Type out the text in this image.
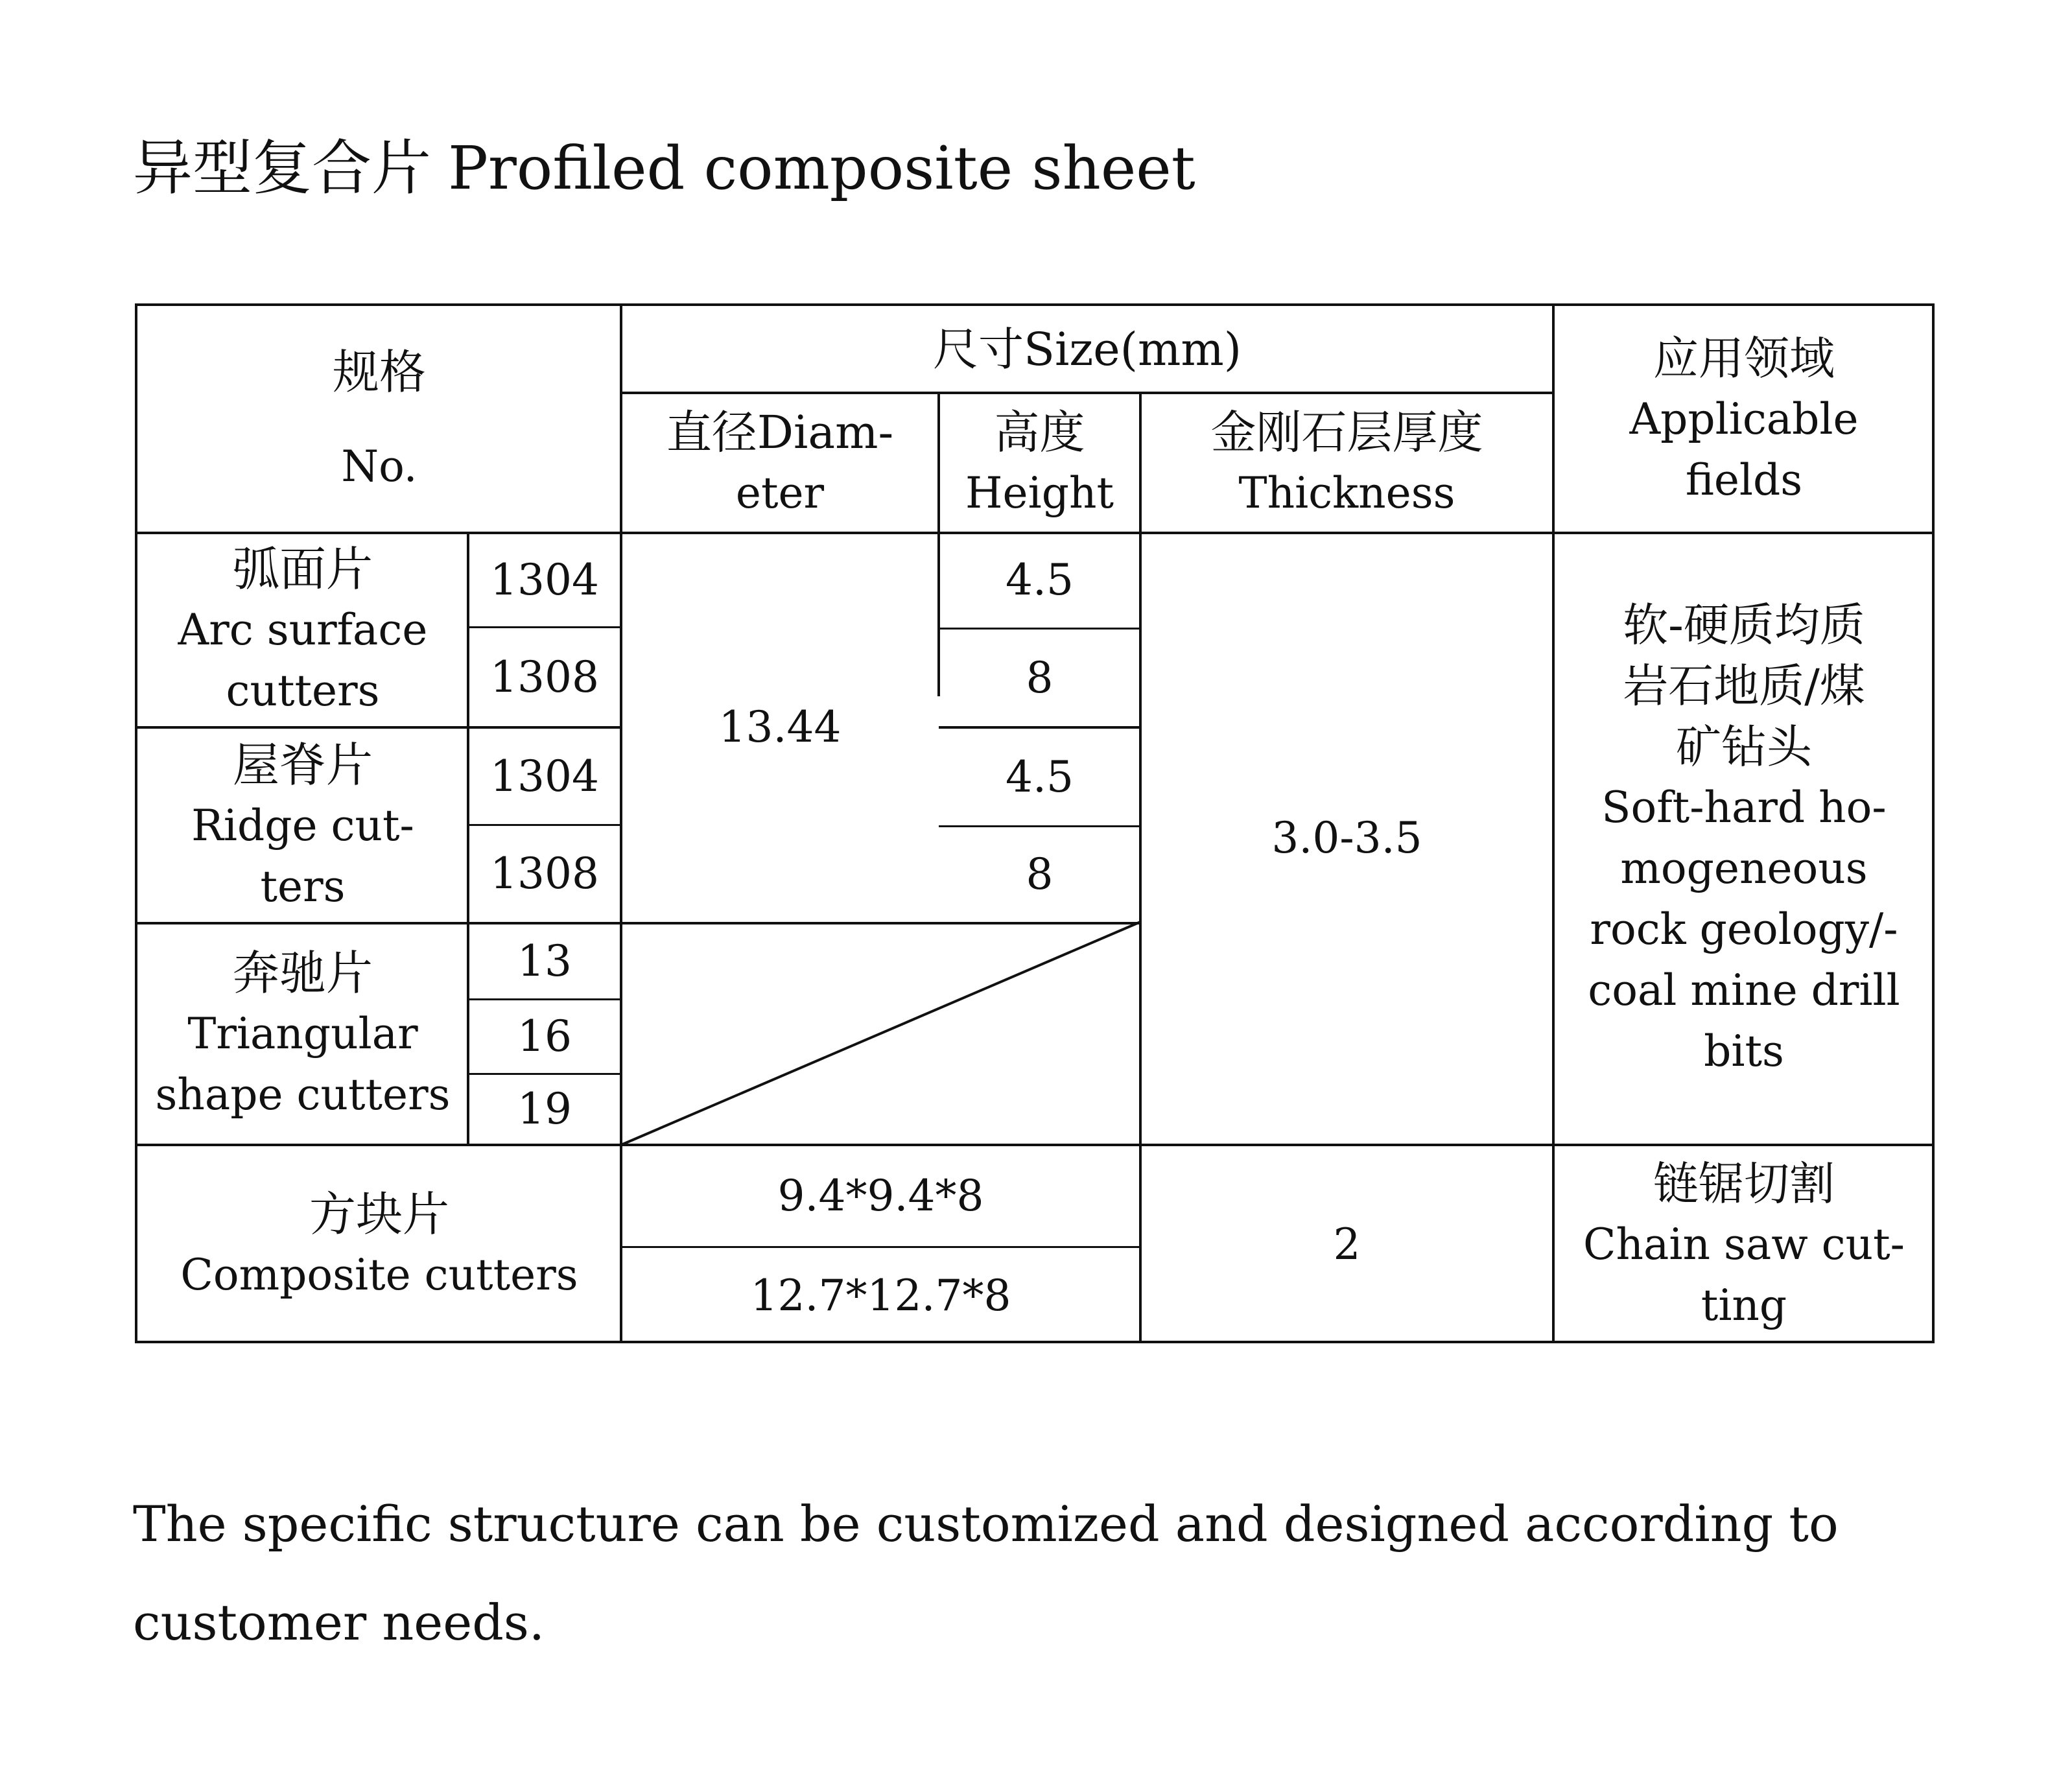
异型复合片 Profiled composite sheet
规格
No.
尺寸Size(mm)
直径Diam-
eter
高度
Height
金刚石层厚度
Thickness
应用领域
Applicable
fields
弧面片
Arc surface
cutters
1304
1308
4.5
8
13.44
屋脊片
Ridge cut-
ters
1304
1308
4.5
8
奔驰片
Triangular
shape cutters
13
16
19
3.0-3.5
软-硬质均质
岩石地质/煤
矿钻头
Soft-hard ho-
mogeneous
rock geology/-
coal mine drill
bits
方块片
Composite cutters
9.4*9.4*8
12.7*12.7*8
2
链锯切割
Chain saw cut-
ting
The specific structure can be customized and designed according to
customer needs.
